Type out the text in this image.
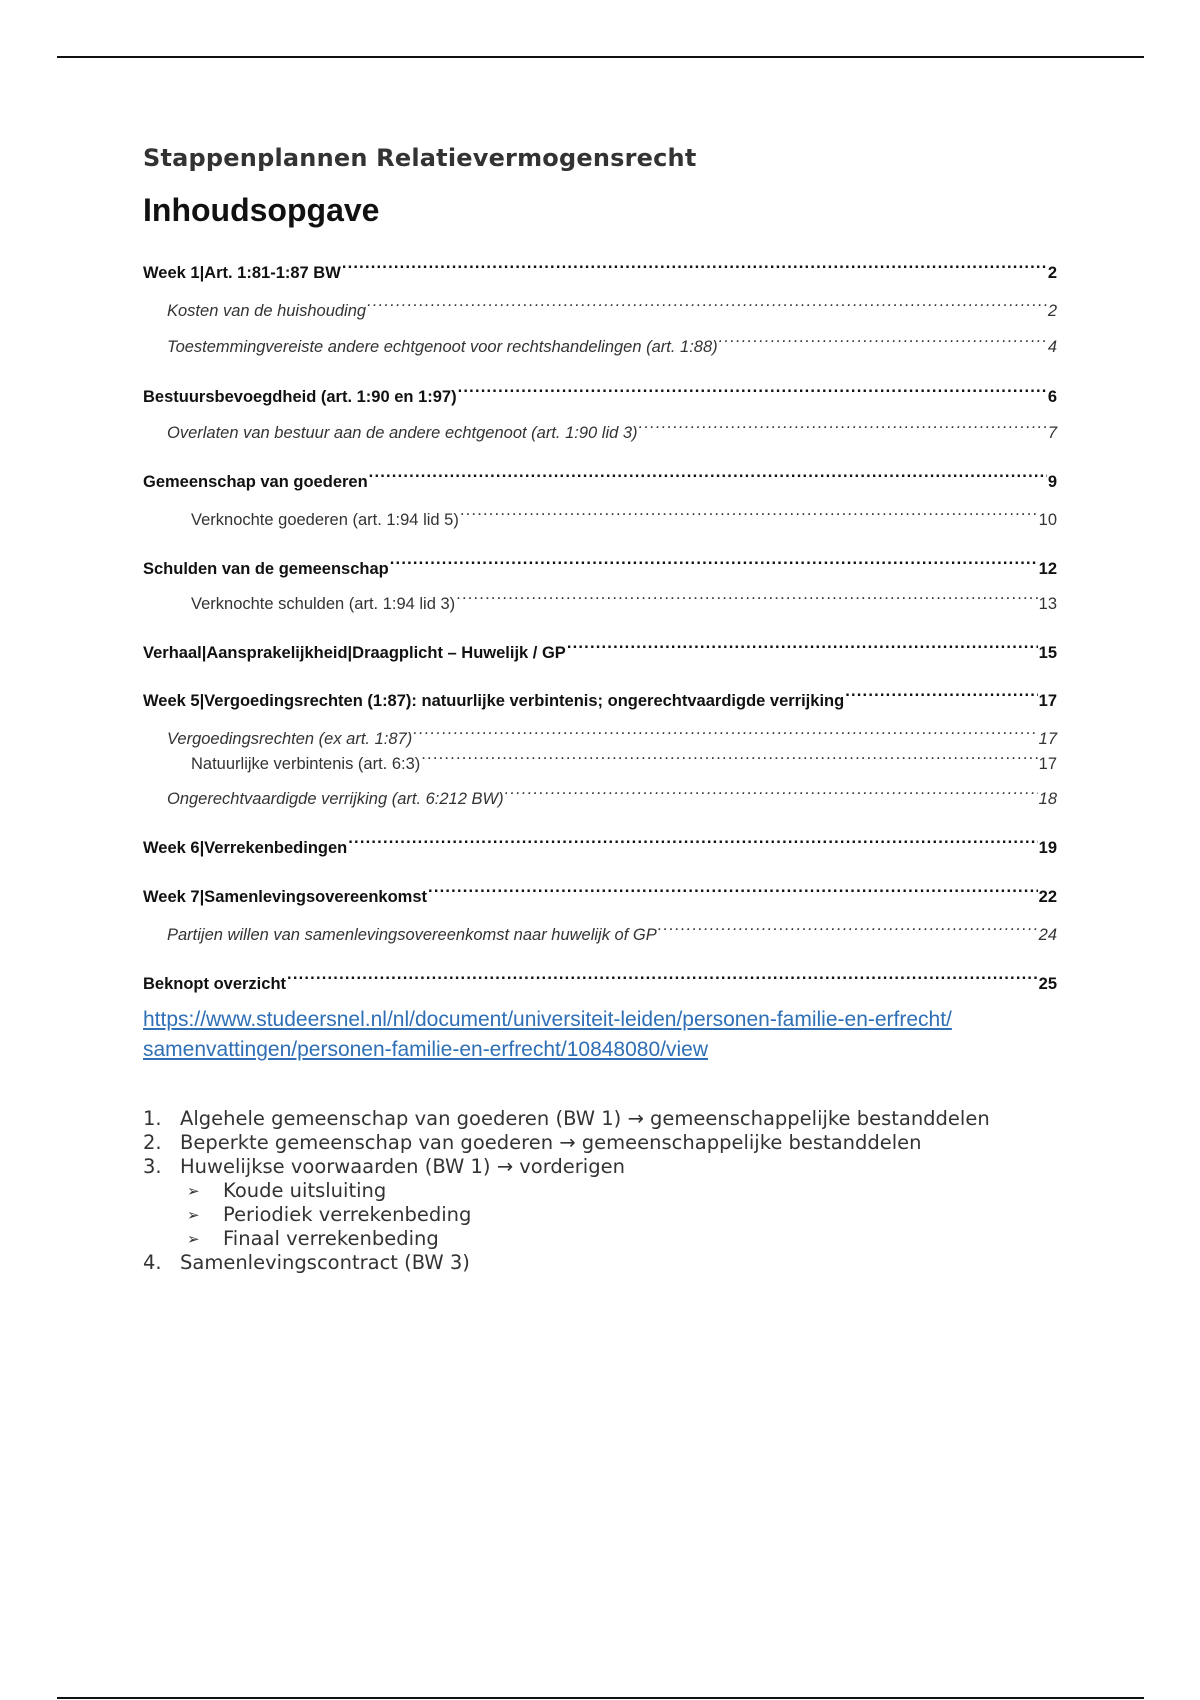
Stappenplannen Relatievermogensrecht
Inhoudsopgave
Week 1|Art. 1:81-1:87 BW .....	2
Kosten van de huishouding .....	2
Toestemmingvereiste andere echtgenoot voor rechtshandelingen (art. 1:88) .....	4
Bestuursbevoegdheid (art. 1:90 en 1:97) .....	6
Overlaten van bestuur aan de andere echtgenoot (art. 1:90 lid 3) .....	7
Gemeenschap van goederen .....	9
Verknochte goederen (art. 1:94 lid 5) .....	10
Schulden van de gemeenschap .....	12
Verknochte schulden (art. 1:94 lid 3) .....	13
Verhaal|Aansprakelijkheid|Draagplicht – Huwelijk / GP .....	15
Week 5|Vergoedingsrechten (1:87): natuurlijke verbintenis; ongerechtvaardigde verrijking .....	17
Vergoedingsrechten (ex art. 1:87) .....	17
Natuurlijke verbintenis (art. 6:3) .....	17
Ongerechtvaardigde verrijking (art. 6:212 BW) .....	18
Week 6|Verrekenbedingen .....	19
Week 7|Samenlevingsovereenkomst .....	22
Partijen willen van samenlevingsovereenkomst naar huwelijk of GP .....	24
Beknopt overzicht .....	25
https://www.studeersnel.nl/nl/document/universiteit-leiden/personen-familie-en-erfrecht/
samenvattingen/personen-familie-en-erfrecht/10848080/view
1. Algehele gemeenschap van goederen (BW 1) → gemeenschappelijke bestanddelen
2. Beperkte gemeenschap van goederen → gemeenschappelijke bestanddelen
3. Huwelijkse voorwaarden (BW 1) → vorderigen
➢	Koude uitsluiting
➢	Periodiek verrekenbeding
➢	Finaal verrekenbeding
4. Samenlevingscontract (BW 3)
